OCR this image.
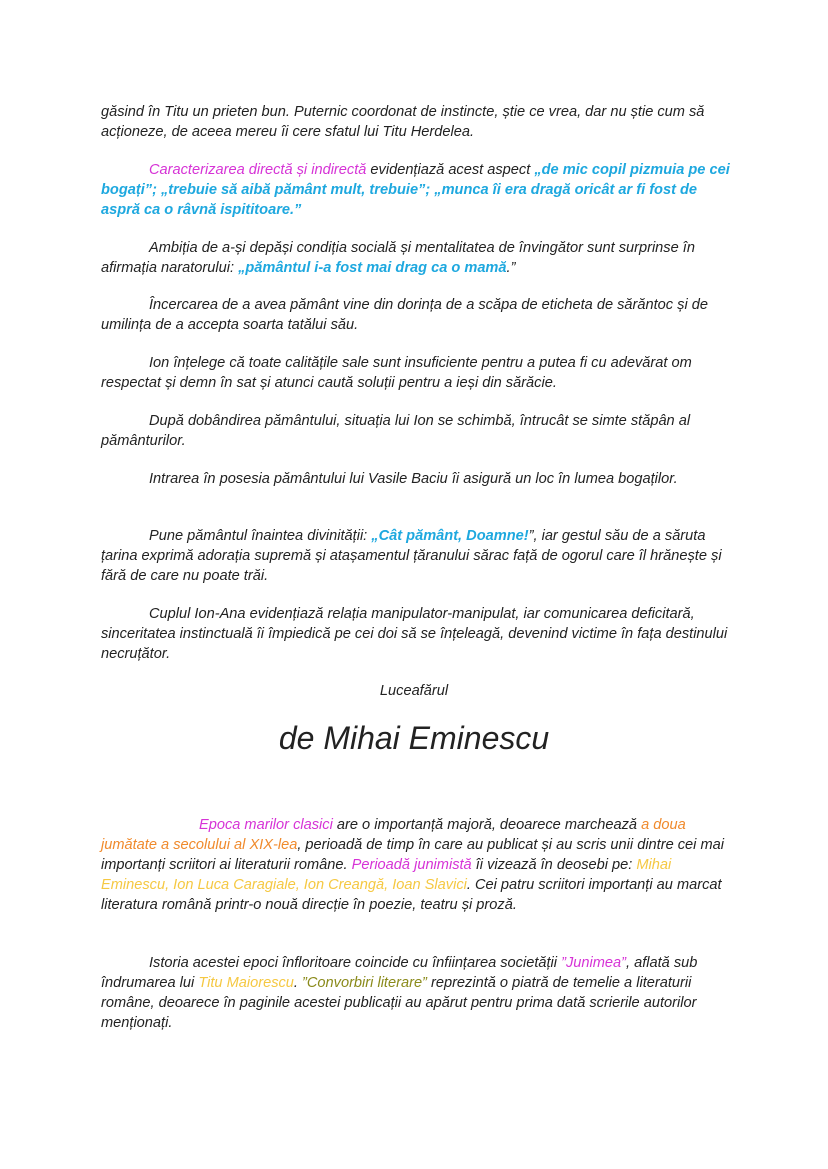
găsind în Titu un prieten bun. Puternic coordonat de instincte, știe ce vrea, dar nu știe cum să acționeze, de aceea mereu îi cere sfatul lui Titu Herdelea.

Caracterizarea directă și indirectă evidențiază acest aspect „de mic copil pizmuia pe cei bogați”; „trebuie să aibă pământ mult, trebuie”; „munca îi era dragă oricât ar fi fost de aspră ca o râvnă ispititoare.”

Ambiția de a-și depăși condiția socială și mentalitatea de învingător sunt surprinse în afirmația naratorului: „pământul i-a fost mai drag ca o mamă.”

Încercarea de a avea pământ vine din dorința de a scăpa de eticheta de sărăntoc și de umilința de a accepta soarta tatălui său.

Ion înțelege că toate calitățile sale sunt insuficiente pentru a putea fi cu adevărat om respectat și demn în sat și atunci caută soluții pentru a ieși din sărăcie.

După dobândirea pământului, situația lui Ion se schimbă, întrucât se simte stăpân al pământurilor.

Intrarea în posesia pământului lui Vasile Baciu îi asigură un loc în lumea bogaților.

Pune pământul înaintea divinității: „Cât pământ, Doamne!”, iar gestul său de a săruta țarina exprimă adorația supremă și atașamentul țăranului sărac față de ogorul care îl hrănește și fără de care nu poate trăi.

Cuplul Ion-Ana evidențiază relația manipulator-manipulat, iar comunicarea deficitară, sinceritatea instinctuală îi împiedică pe cei doi să se înțeleagă, devenind victime în fața destinului necruțător.

Luceafărul
de Mihai Eminescu

Epoca marilor clasici are o importanță majoră, deoarece marchează a doua jumătate a secolului al XIX-lea, perioadă de timp în care au publicat și au scris unii dintre cei mai importanți scriitori ai literaturii române. Perioadă junimistă îi vizează în deosebi pe: Mihai Eminescu, Ion Luca Caragiale, Ion Creangă, Ioan Slavici. Cei patru scriitori importanți au marcat literatura română printr-o nouă direcție în poezie, teatru și proză.

Istoria acestei epoci înfloritoare coincide cu înființarea societății ”Junimea”, aflată sub îndrumarea lui Titu Maiorescu. ”Convorbiri literare” reprezintă o piatră de temelie a literaturii române, deoarece în paginile acestei publicații au apărut pentru prima dată scrierile autorilor menționați.
